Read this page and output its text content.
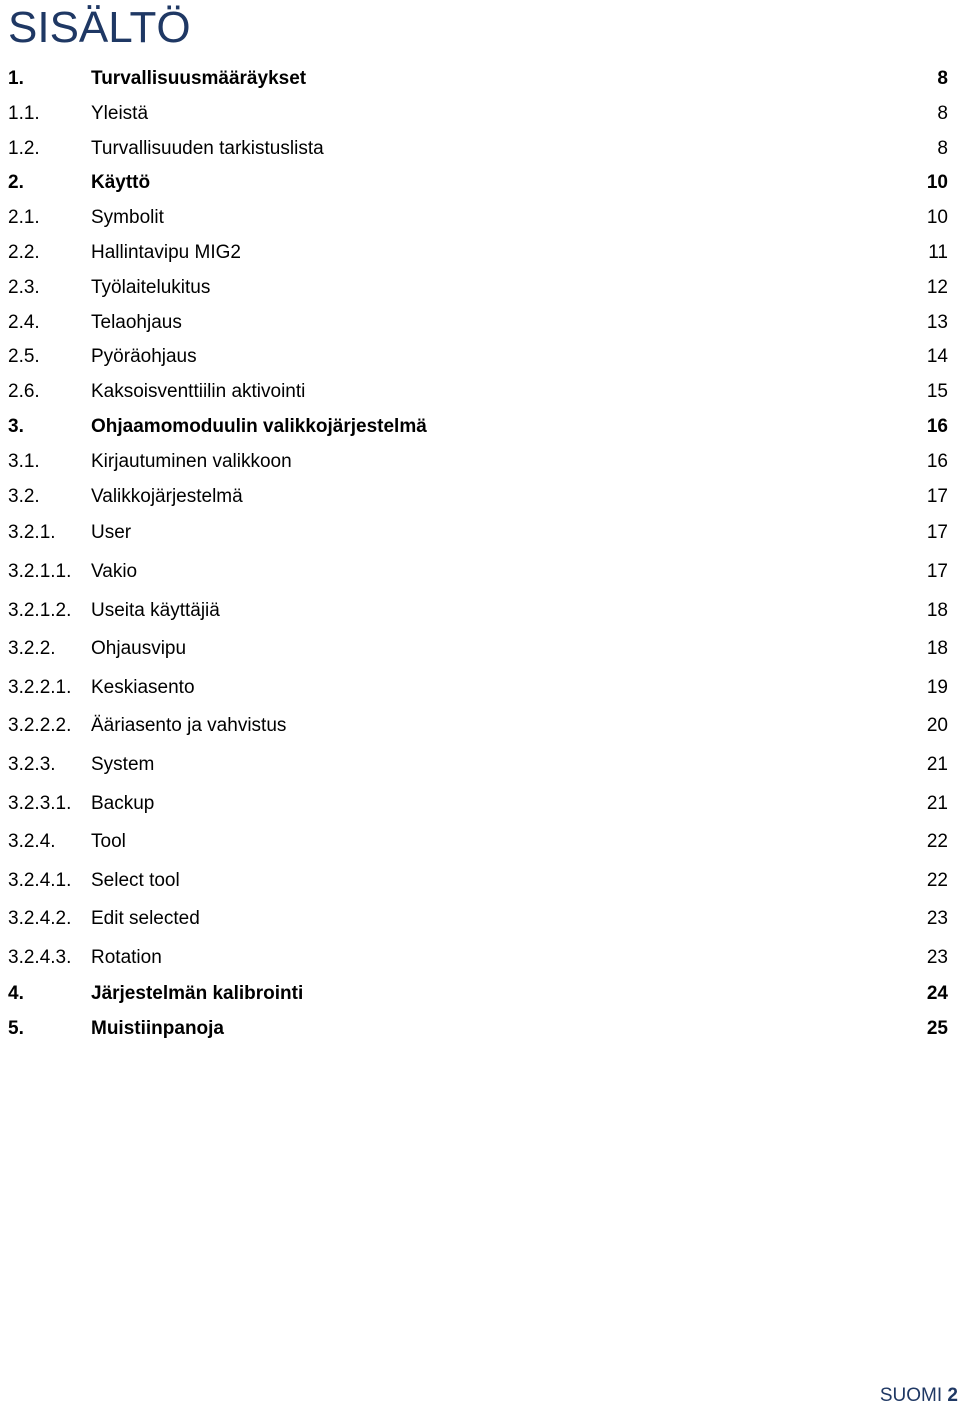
SISÄLTÖ
1.	Turvallisuusmääräykset	8
1.1.	Yleistä	8
1.2.	Turvallisuuden tarkistuslista	8
2.	Käyttö	10
2.1.	Symbolit	10
2.2.	Hallintavipu MIG2	11
2.3.	Työlaitelukitus	12
2.4.	Telaohjaus	13
2.5.	Pyöräohjaus	14
2.6.	Kaksoisventtiilin aktivointi	15
3.	Ohjaamomoduulin valikkojärjestelmä	16
3.1.	Kirjautuminen valikkoon	16
3.2.	Valikkojärjestelmä	17
3.2.1. User	17
3.2.1.1. Vakio	17
3.2.1.2. Useita käyttäjiä	18
3.2.2. Ohjausvipu	18
3.2.2.1. Keskiasento	19
3.2.2.2. Ääriasento ja vahvistus	20
3.2.3. System	21
3.2.3.1. Backup	21
3.2.4. Tool	22
3.2.4.1. Select tool	22
3.2.4.2. Edit selected	23
3.2.4.3. Rotation	23
4.	Järjestelmän kalibrointi	24
5.	Muistiinpanoja	25
SUOMI 2
